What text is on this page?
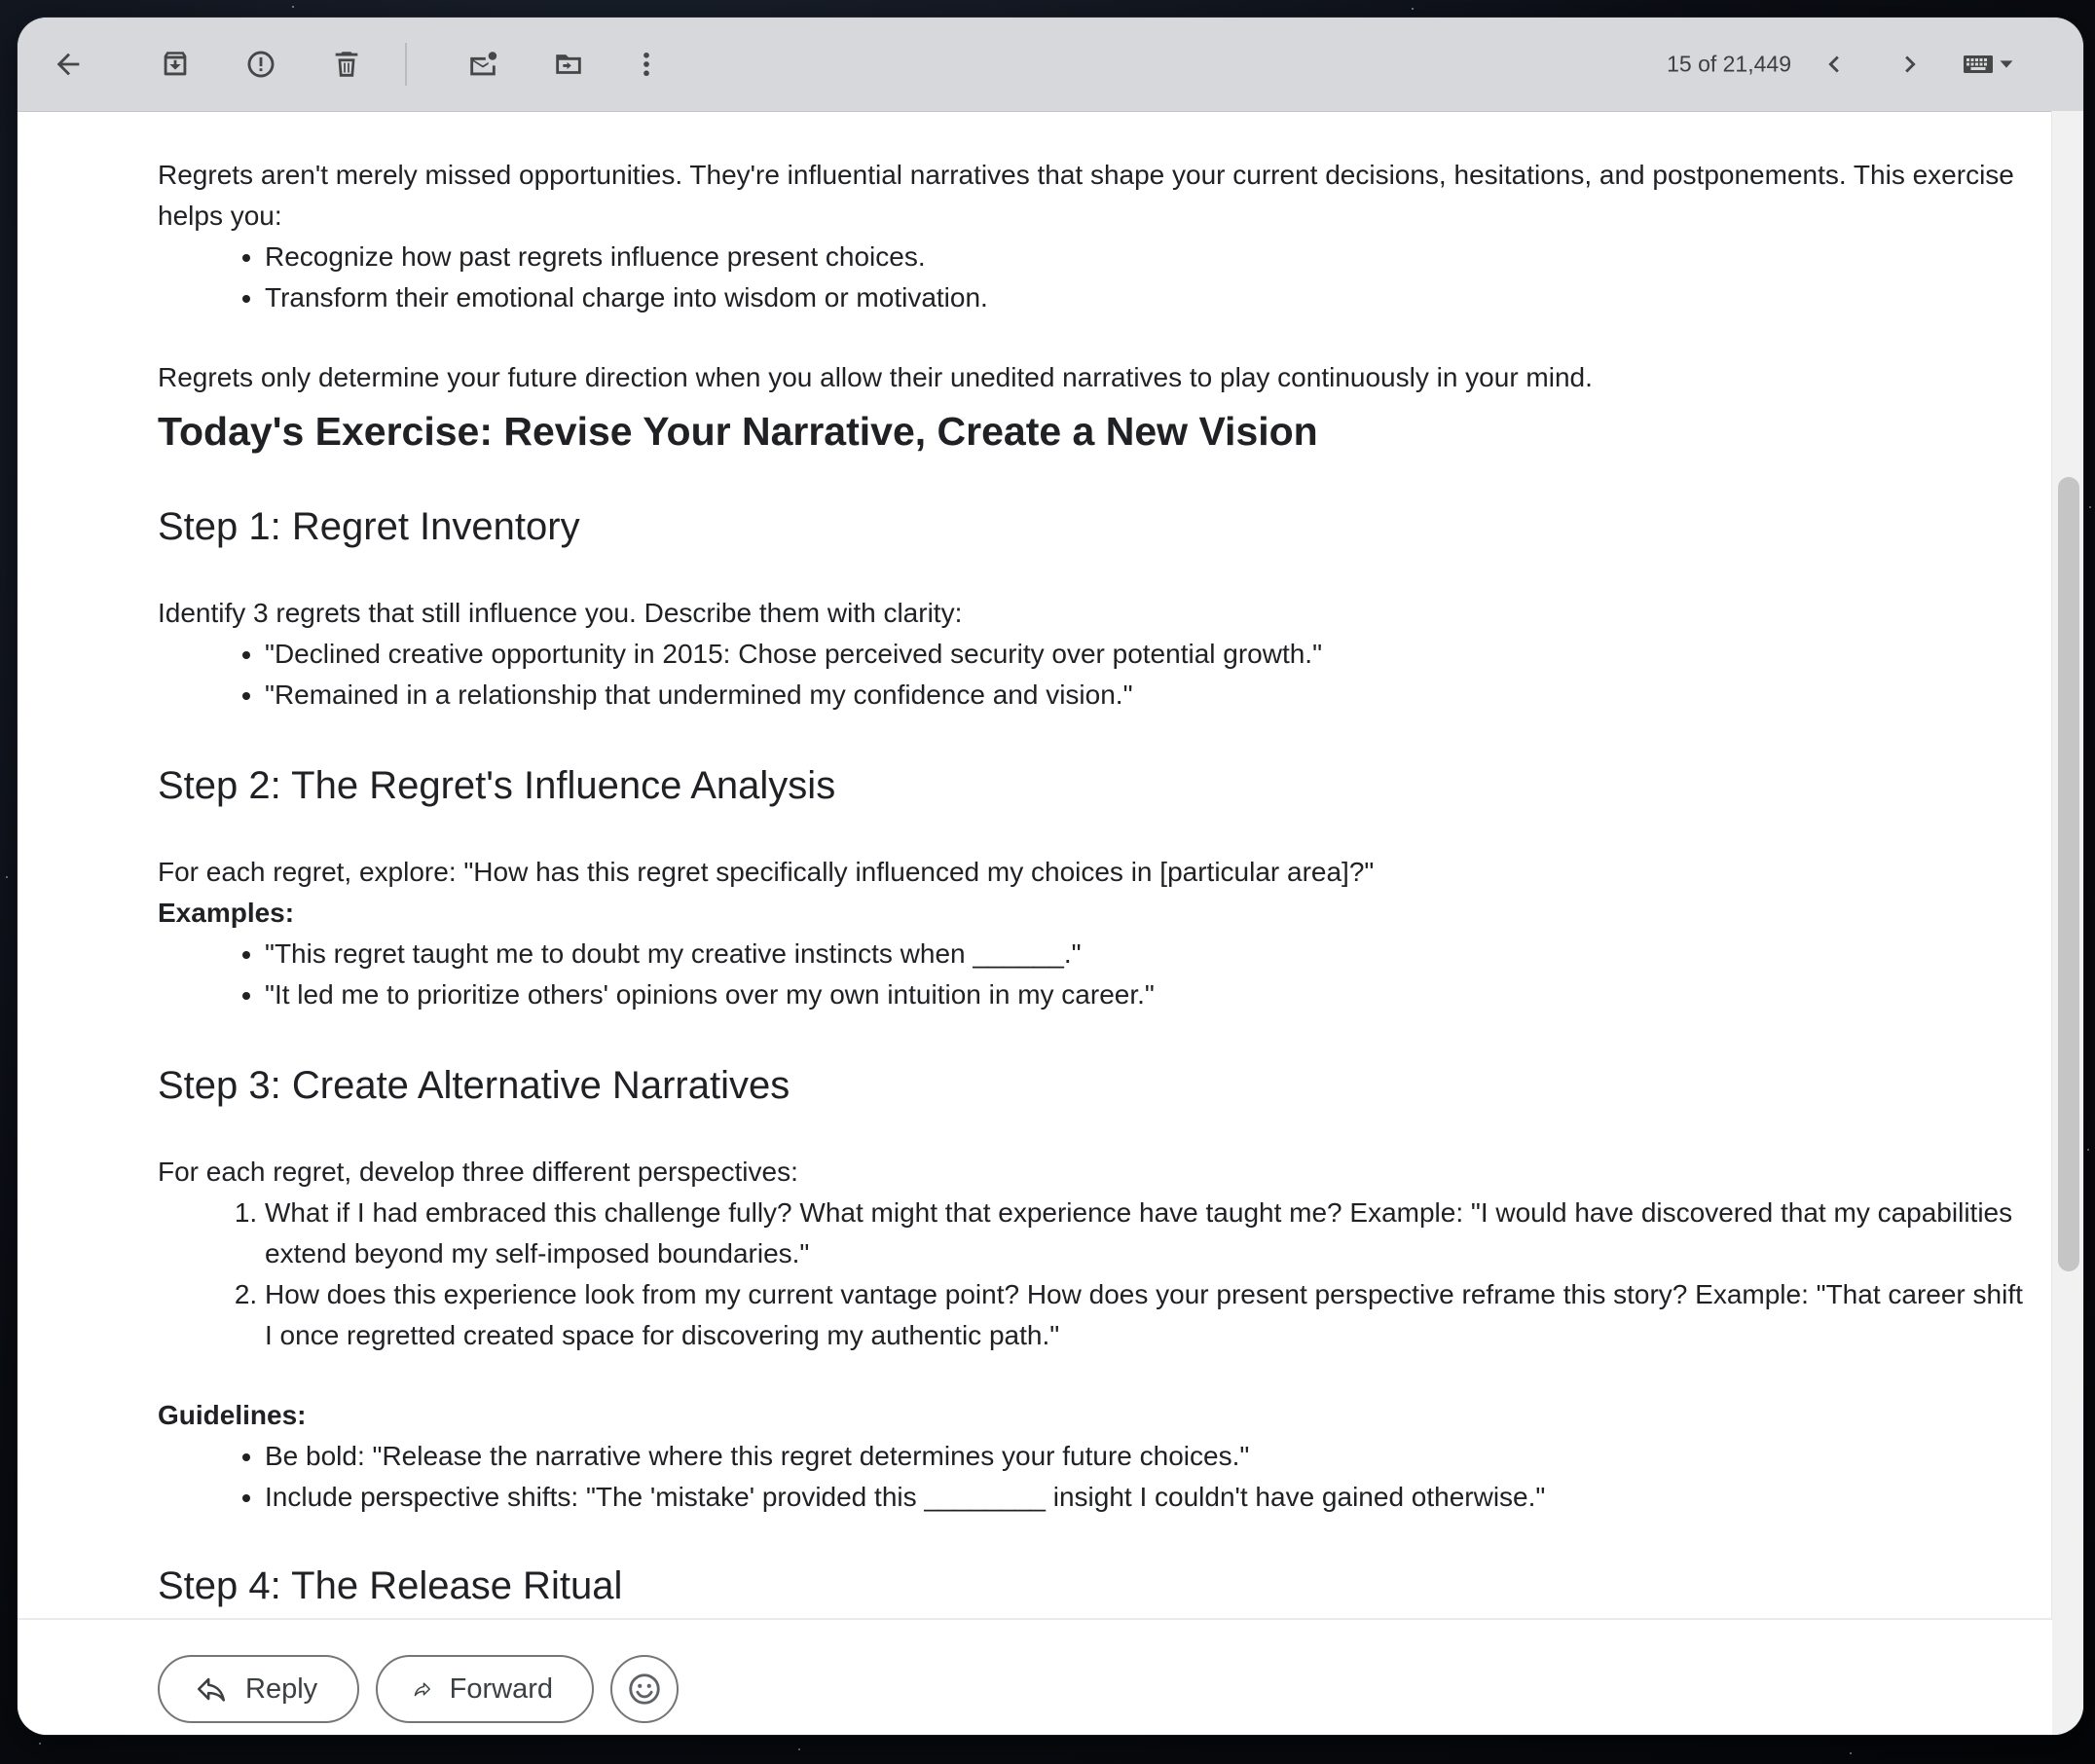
15 of 21,449

Regrets aren't merely missed opportunities. They're influential narratives that shape your current decisions, hesitations, and postponements. This exercise helps you:

• Recognize how past regrets influence present choices.
• Transform their emotional charge into wisdom or motivation.

Regrets only determine your future direction when you allow their unedited narratives to play continuously in your mind.

Today's Exercise: Revise Your Narrative, Create a New Vision
Step 1: Regret Inventory

Identify 3 regrets that still influence you. Describe them with clarity:

• "Declined creative opportunity in 2015: Chose perceived security over potential growth."
• "Remained in a relationship that undermined my confidence and vision."
Step 2: The Regret's Influence Analysis

For each regret, explore: "How has this regret specifically influenced my choices in [particular area]?"

Examples:

• "This regret taught me to doubt my creative instincts when ______."
• "It led me to prioritize others' opinions over my own intuition in my career."
Step 3: Create Alternative Narratives

For each regret, develop three different perspectives:

1. What if I had embraced this challenge fully? What might that experience have taught me? Example: "I would have discovered that my capabilities extend beyond my self-imposed boundaries."
2. How does this experience look from my current vantage point? How does your present perspective reframe this story? Example: "That career shift I once regretted created space for discovering my authentic path."

Guidelines:

• Be bold: "Release the narrative where this regret determines your future choices."
• Include perspective shifts: "The 'mistake' provided this ________ insight I couldn't have gained otherwise."
Step 4: The Release Ritual
Reply	Forward
